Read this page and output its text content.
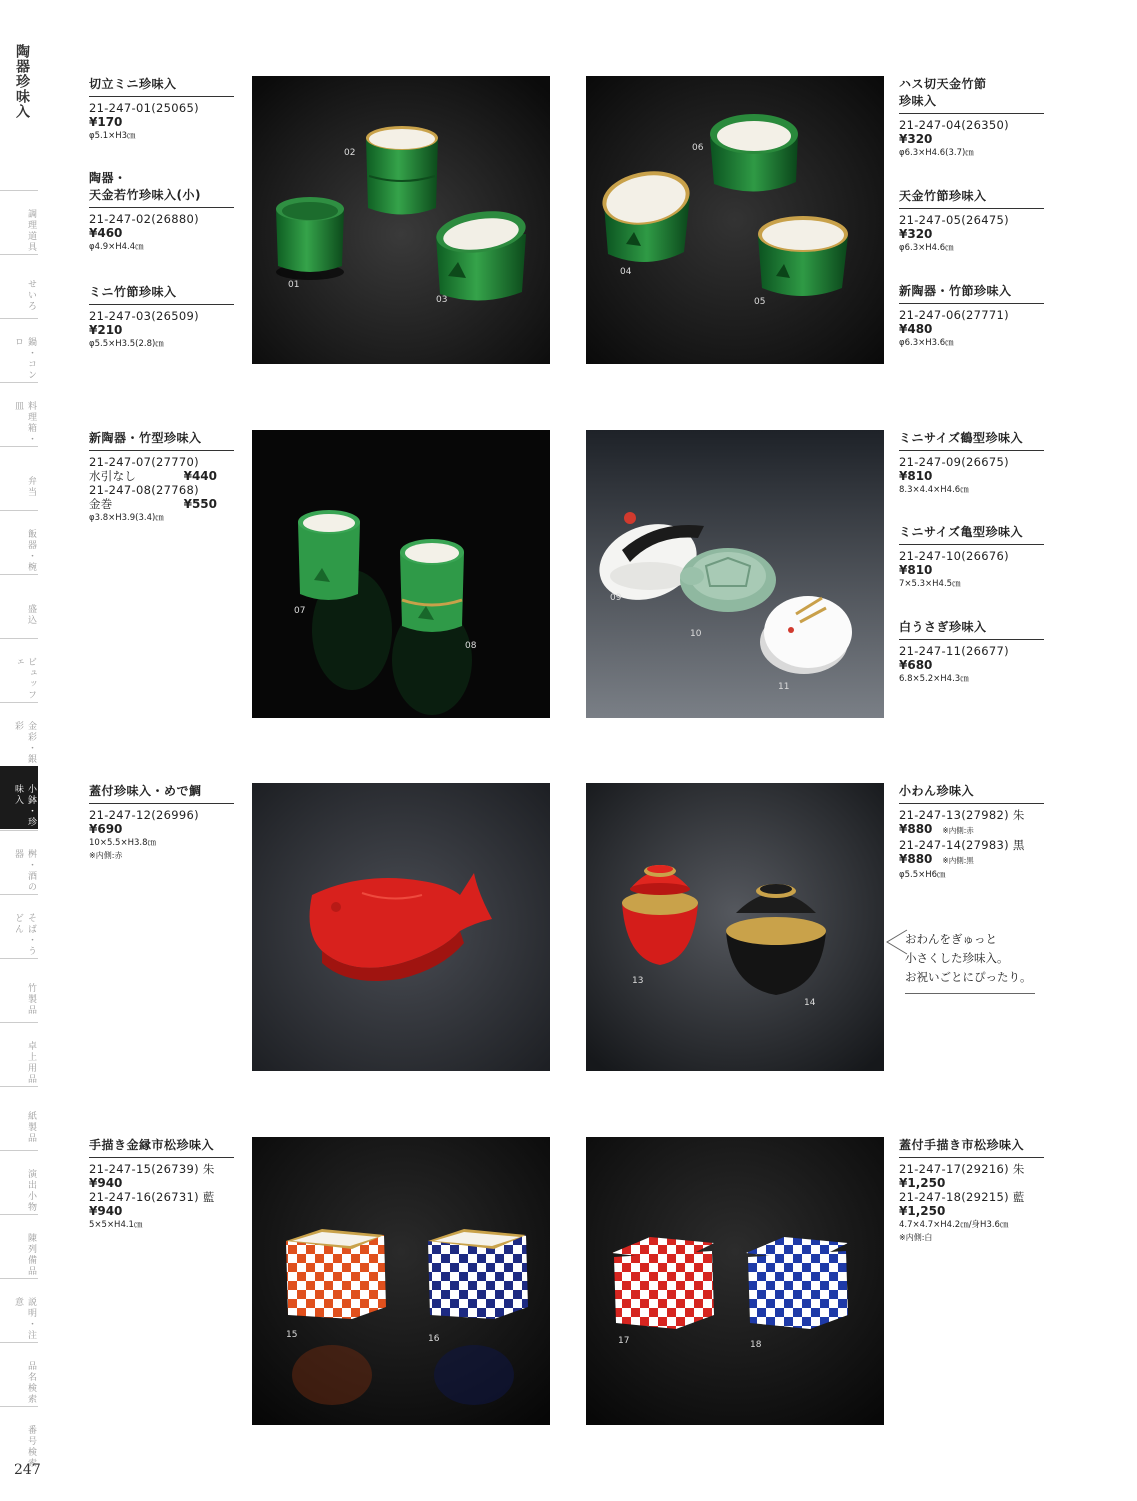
陶器珍味入
調理道具
せいろ
鍋・コンロ
料理箱・皿
弁当
飯器・椀
盛込
ビュッフェ
金彩・銀彩
小鉢・珍味入
桝・酒の器
そば・うどん
竹製品
卓上用品
紙製品
演出小物
陳列備品
説明・注意
品名検索
番号検索
247
切立ミニ珍味入
21-247-01(25065)
¥170
φ5.1×H3㎝
陶器・
天金若竹珍味入(小)
21-247-02(26880)
¥460
φ4.9×H4.4㎝
ミニ竹節珍味入
21-247-03(26509)
¥210
φ5.5×H3.5(2.8)㎝
ハス切天金竹節
珍味入
21-247-04(26350)
¥320
φ6.3×H4.6(3.7)㎝
天金竹節珍味入
21-247-05(26475)
¥320
φ6.3×H4.6㎝
新陶器・竹節珍味入
21-247-06(27771)
¥480
φ6.3×H3.6㎝
新陶器・竹型珍味入
21-247-07(27770)
水引なし	¥440
21-247-08(27768)
金巻	¥550
φ3.8×H3.9(3.4)㎝
ミニサイズ鶴型珍味入
21-247-09(26675)
¥810
8.3×4.4×H4.6㎝
ミニサイズ亀型珍味入
21-247-10(26676)
¥810
7×5.3×H4.5㎝
白うさぎ珍味入
21-247-11(26677)
¥680
6.8×5.2×H4.3㎝
蓋付珍味入・めで鯛
21-247-12(26996)
¥690
10×5.5×H3.8㎝
※内側:赤
小わん珍味入
21-247-13(27982) 朱
¥880 ※内側:赤
21-247-14(27983) 黒
¥880 ※内側:黒
φ5.5×H6㎝
手描き金縁市松珍味入
21-247-15(26739) 朱
¥940
21-247-16(26731) 藍
¥940
5×5×H4.1㎝
蓋付手描き市松珍味入
21-247-17(29216) 朱
¥1,250
21-247-18(29215) 藍
¥1,250
4.7×4.7×H4.2㎝/身H3.6㎝
※内側:白
おわんをぎゅっと
小さくした珍味入。
お祝いごとにぴったり。
01
02
03
04
05
06
07
08
09
10
11
13
14
15	16	17	18
